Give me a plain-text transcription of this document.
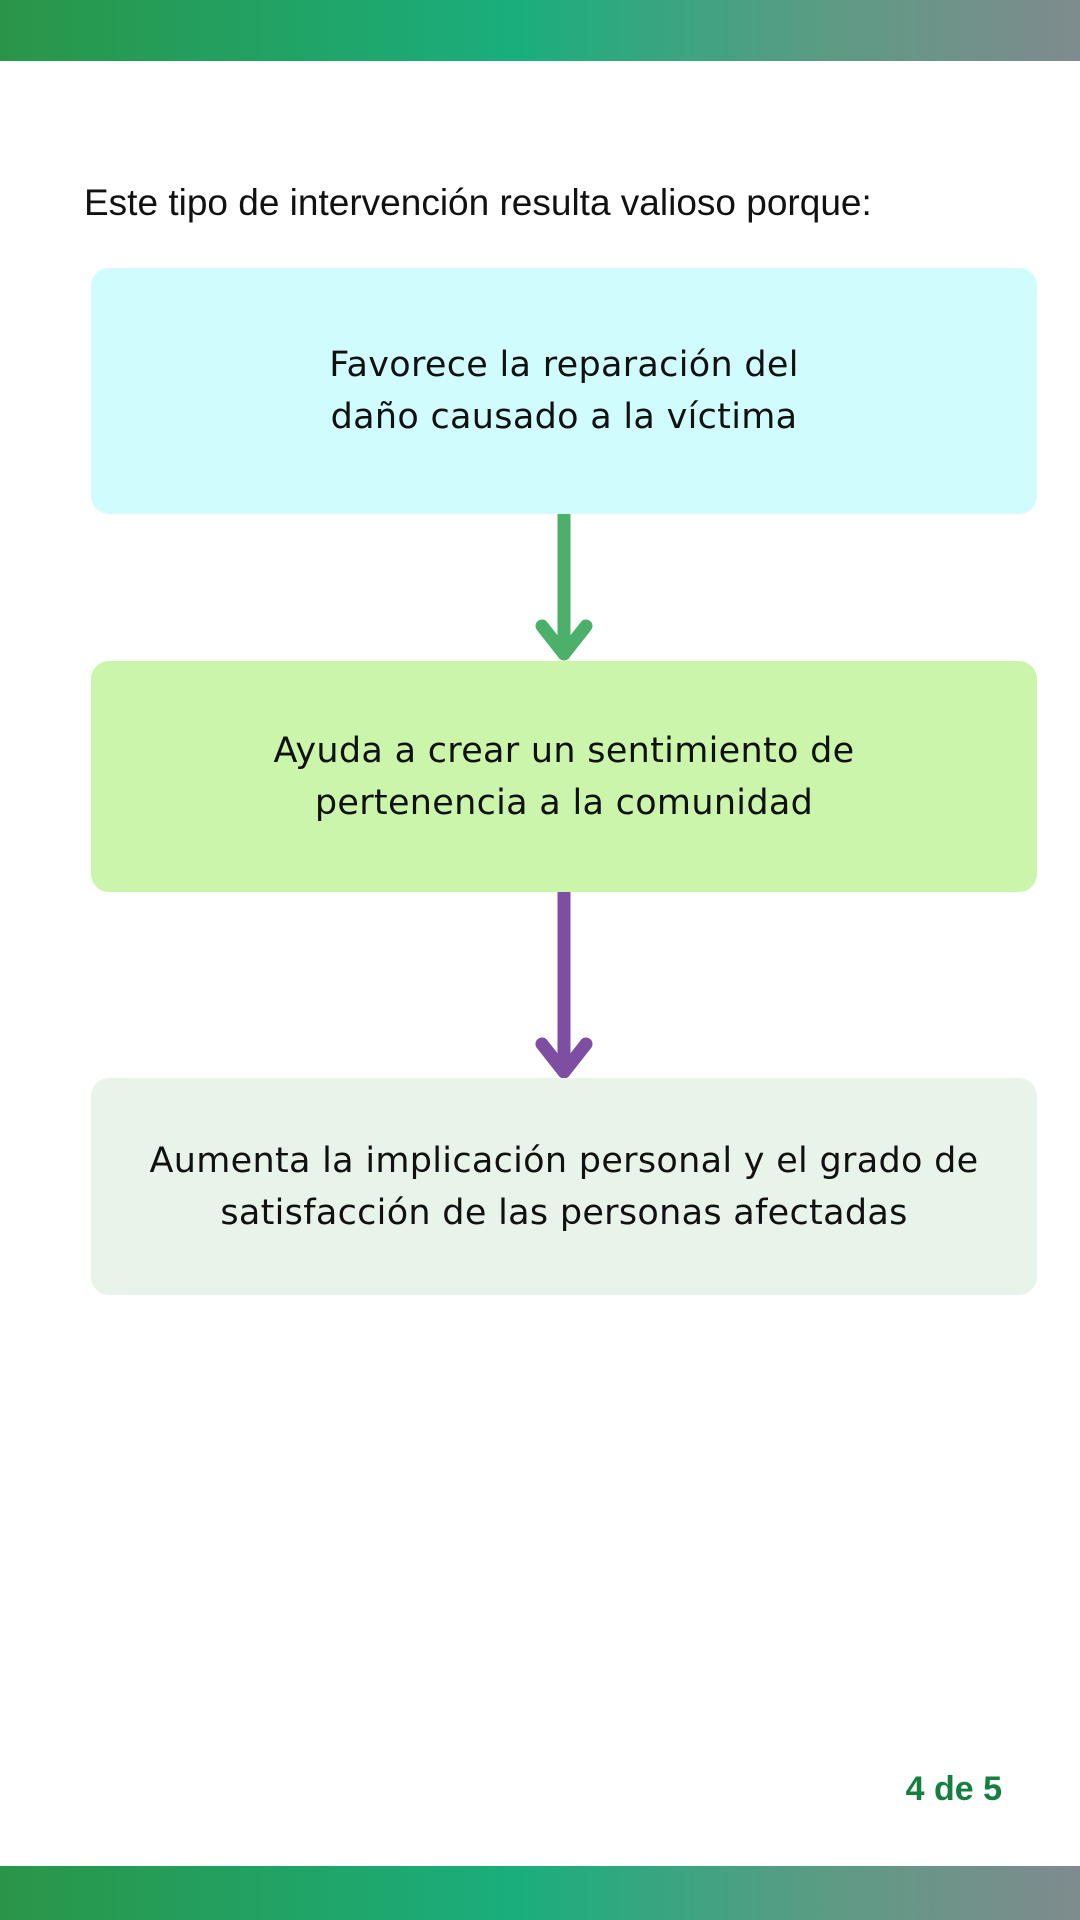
Este tipo de intervención resulta valioso porque:
Favorece la reparación del
daño causado a la víctima
Ayuda a crear un sentimiento de
pertenencia a la comunidad
Aumenta la implicación personal y el grado de
satisfacción de las personas afectadas
4 de 5
